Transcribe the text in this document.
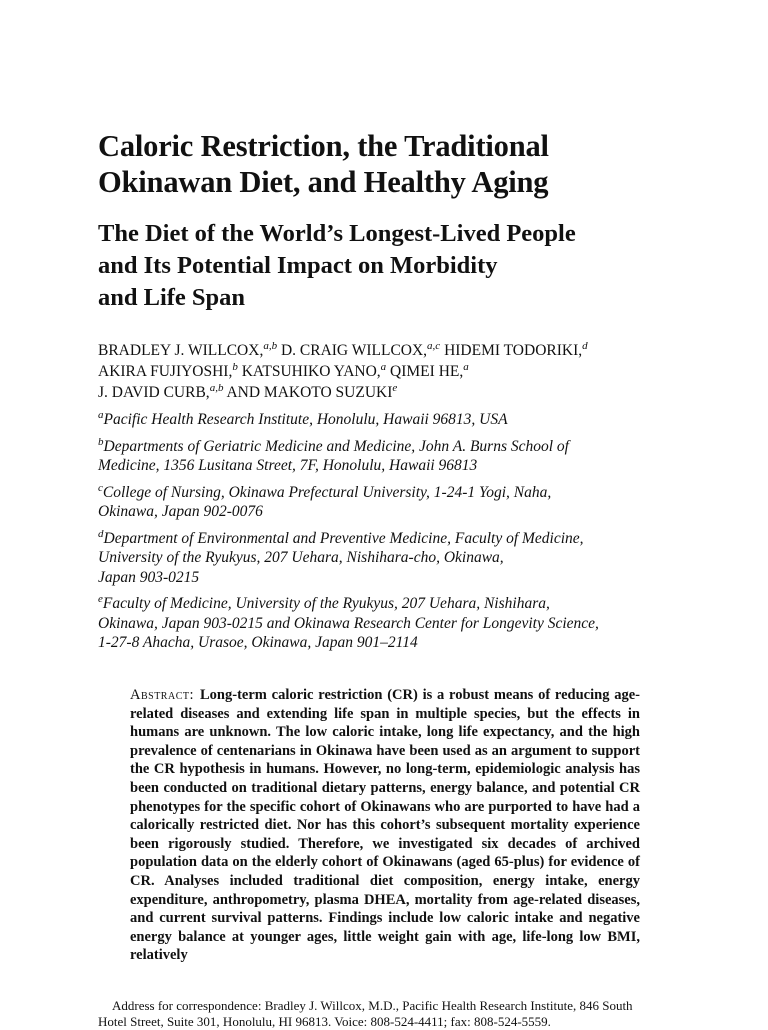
Caloric Restriction, the Traditional
Okinawan Diet, and Healthy Aging
The Diet of the World’s Longest-Lived People
and Its Potential Impact on Morbidity
and Life Span
BRADLEY J. WILLCOX,$^{a,b}$ D. CRAIG WILLCOX,$^{a,c}$ HIDEMI TODORIKI,$^d$
AKIRA FUJIYOSHI,$^b$ KATSUHIKO YANO,$^a$ QIMEI HE,$^a$
J. DAVID CURB,$^{a,b}$ AND MAKOTO SUZUKI$^e$
$^a$Pacific Health Research Institute, Honolulu, Hawaii 96813, USA
$^b$Departments of Geriatric Medicine and Medicine, John A. Burns School of
Medicine, 1356 Lusitana Street, 7F, Honolulu, Hawaii 96813
$^c$College of Nursing, Okinawa Prefectural University, 1-24-1 Yogi, Naha,
Okinawa, Japan 902-0076
$^d$Department of Environmental and Preventive Medicine, Faculty of Medicine,
University of the Ryukyus, 207 Uehara, Nishihara-cho, Okinawa,
Japan 903-0215
$^e$Faculty of Medicine, University of the Ryukyus, 207 Uehara, Nishihara,
Okinawa, Japan 903-0215 and Okinawa Research Center for Longevity Science,
1-27-8 Ahacha, Urasoe, Okinawa, Japan 901–2114
Abstract: Long-term caloric restriction (CR) is a robust means of reducing age-related diseases and extending life span in multiple species, but the effects in humans are unknown. The low caloric intake, long life expectancy, and the high prevalence of centenarians in Okinawa have been used as an argument to support the CR hypothesis in humans. However, no long-term, epidemiologic analysis has been conducted on traditional dietary patterns, energy balance, and potential CR phenotypes for the specific cohort of Okinawans who are purported to have had a calorically restricted diet. Nor has this cohort’s subsequent mortality experience been rigorously studied. Therefore, we investigated six decades of archived population data on the elderly cohort of Okinawans (aged 65-plus) for evidence of CR. Analyses included traditional diet composition, energy intake, energy expenditure, anthropometry, plasma DHEA, mortality from age-related diseases, and current survival patterns. Findings include low caloric intake and negative energy balance at younger ages, little weight gain with age, life-long low BMI, relatively
Address for correspondence: Bradley J. Willcox, M.D., Pacific Health Research Institute, 846 South
Hotel Street, Suite 301, Honolulu, HI 96813. Voice: 808-524-4411; fax: 808-524-5559.
